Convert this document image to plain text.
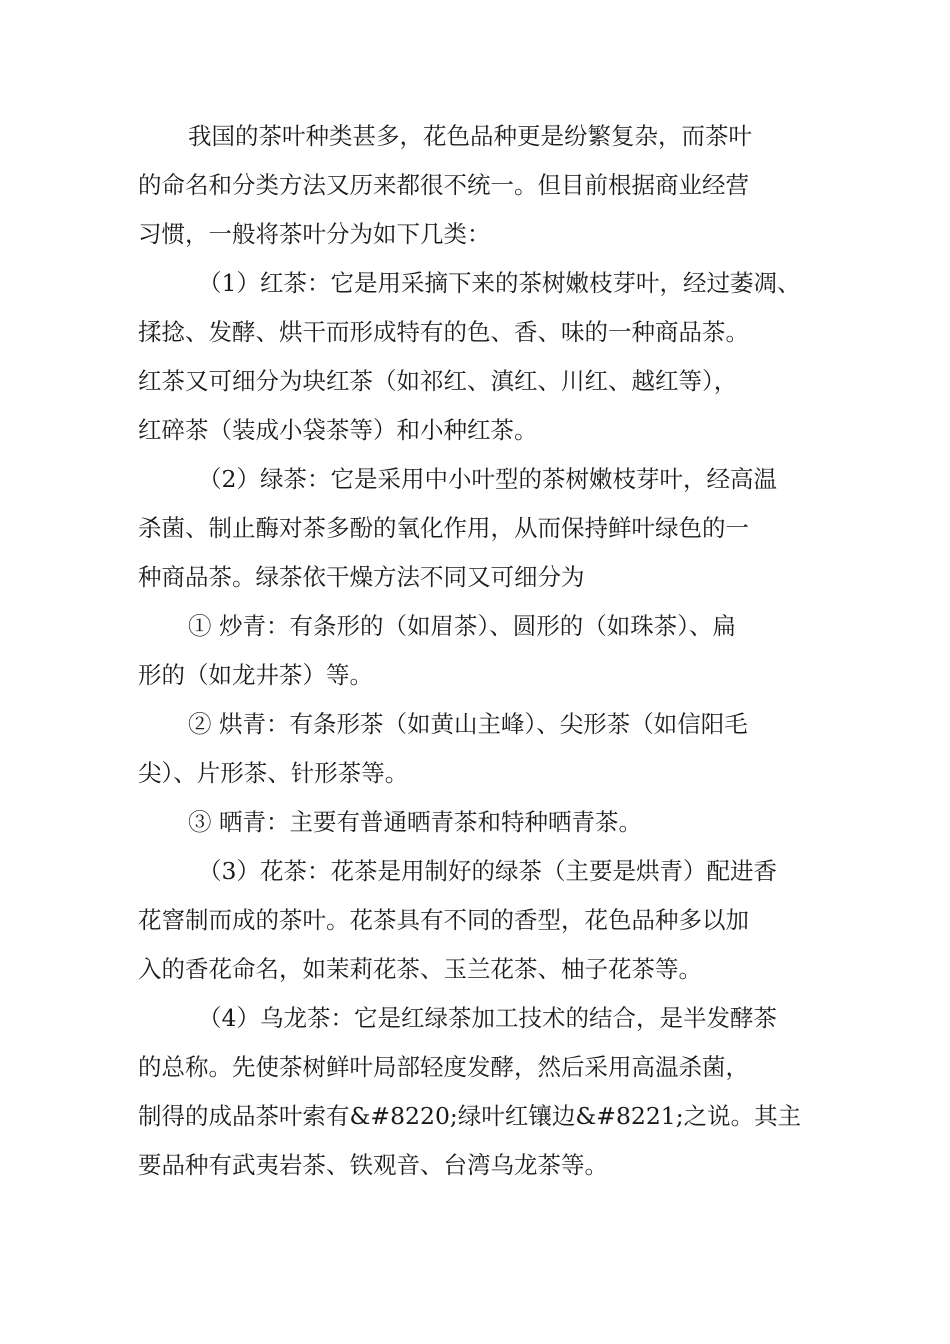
我国的茶叶种类甚多，花色品种更是纷繁复杂，而茶叶
的命名和分类方法又历来都很不统一。但目前根据商业经营
习惯，一般将茶叶分为如下几类：
（1）红茶：它是用采摘下来的茶树嫩枝芽叶，经过萎凋、
揉捻、发酵、烘干而形成特有的色、香、味的一种商品茶。
红茶又可细分为块红茶（如祁红、滇红、川红、越红等），
红碎茶（装成小袋茶等）和小种红茶。
（2）绿茶：它是采用中小叶型的茶树嫩枝芽叶，经高温
杀菌、制止酶对茶多酚的氧化作用，从而保持鲜叶绿色的一
种商品茶。绿茶依干燥方法不同又可细分为
① 炒青：有条形的（如眉茶）、圆形的（如珠茶）、扁
形的（如龙井茶）等。
② 烘青：有条形茶（如黄山主峰）、尖形茶（如信阳毛
尖）、片形茶、针形茶等。
③ 晒青：主要有普通晒青茶和特种晒青茶。
（3）花茶：花茶是用制好的绿茶（主要是烘青）配进香
花窨制而成的茶叶。花茶具有不同的香型，花色品种多以加
入的香花命名，如茉莉花茶、玉兰花茶、柚子花茶等。
（4）乌龙茶：它是红绿茶加工技术的结合，是半发酵茶
的总称。先使茶树鲜叶局部轻度发酵，然后采用高温杀菌，
制得的成品茶叶索有&#8220;绿叶红镶边&#8221;之说。其主
要品种有武夷岩茶、铁观音、台湾乌龙茶等。
